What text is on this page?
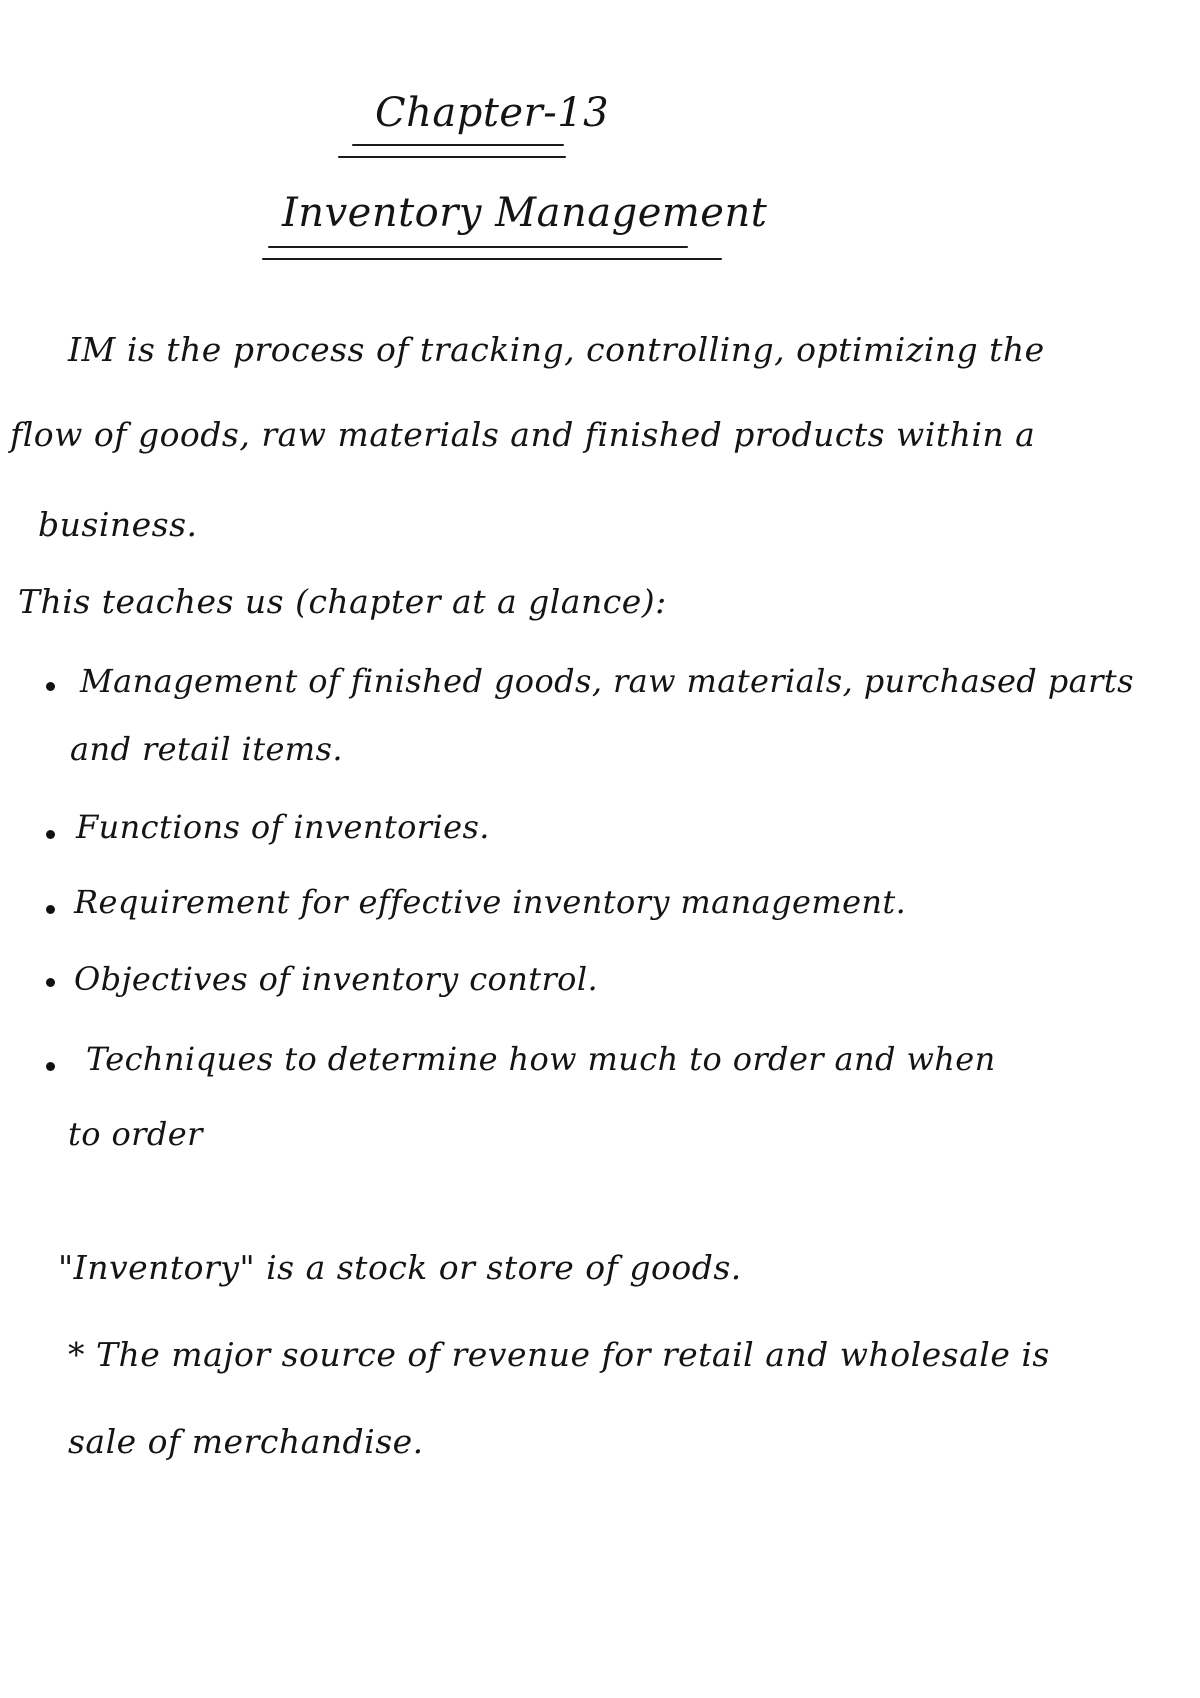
Chapter-13
Inventory Management
IM is the process of tracking, controlling, optimizing the
flow of goods, raw materials and finished products within a
business.
This teaches us (chapter at a glance):
Management of finished goods, raw materials, purchased parts
and retail items.
Functions of inventories.
Requirement for effective inventory management.
Objectives of inventory control.
Techniques to determine how much to order and when
to order
"Inventory" is a stock or store of goods.
* The major source of revenue for retail and wholesale is
sale of merchandise.
